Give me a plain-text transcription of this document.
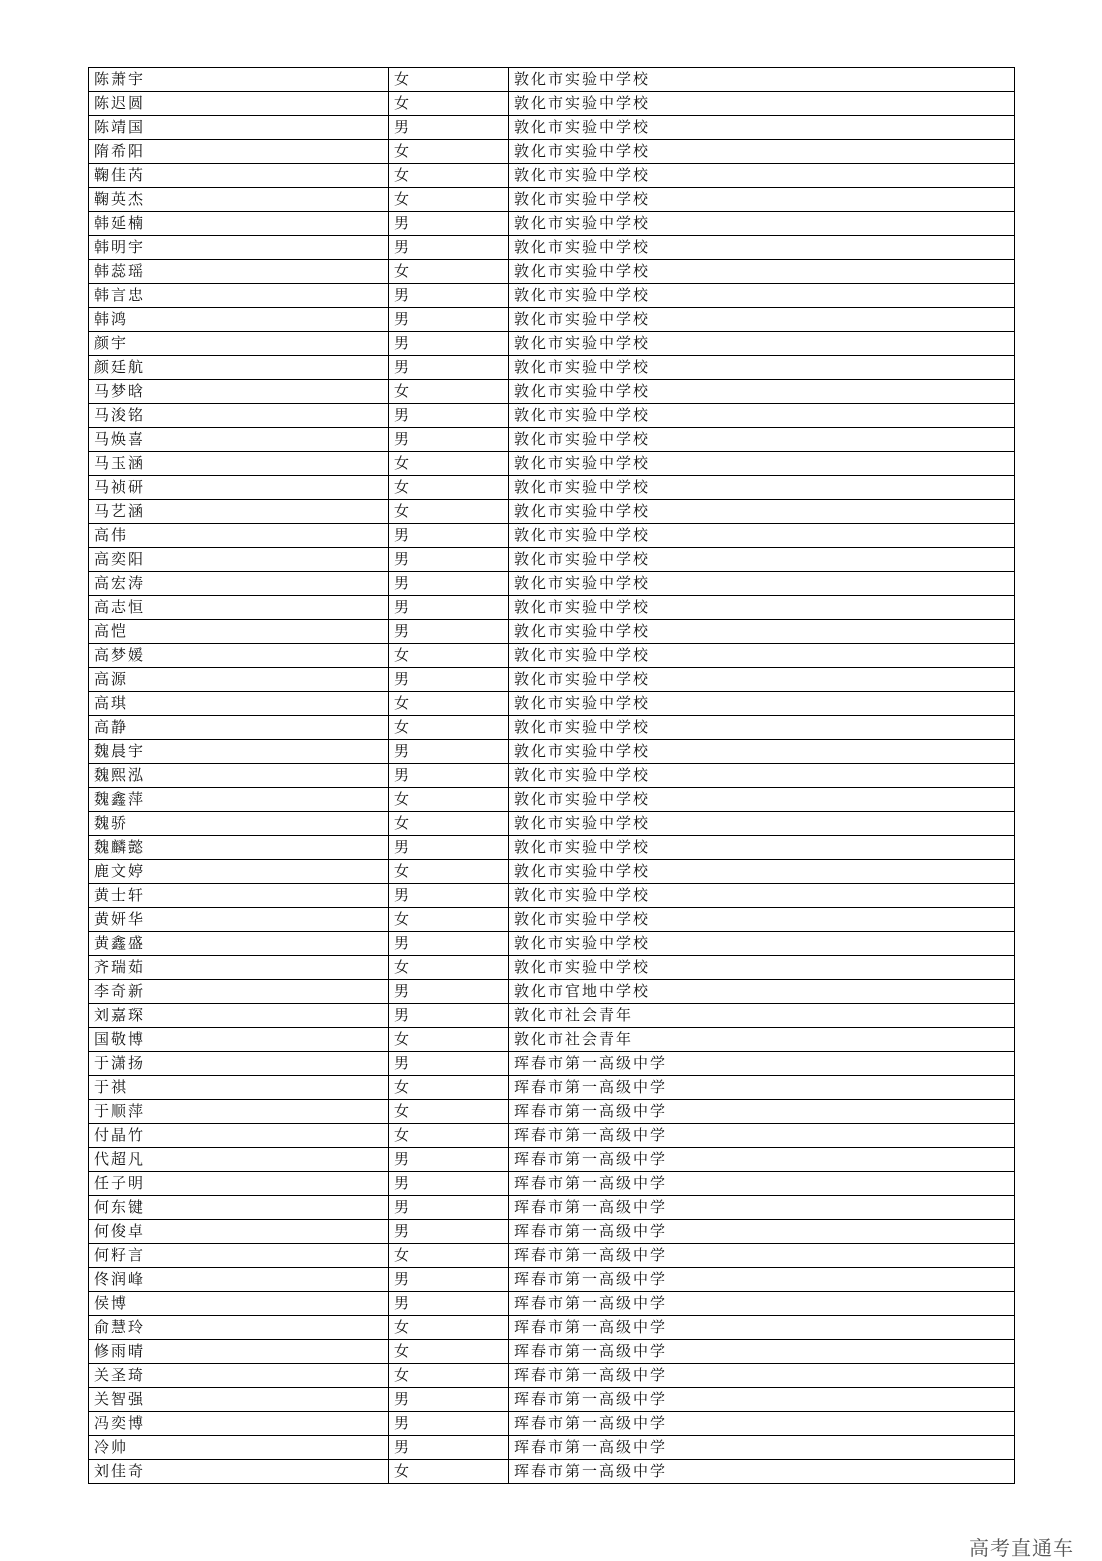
陈萧宇	女	敦化市实验中学校
陈迟圆	女	敦化市实验中学校
陈靖国	男	敦化市实验中学校
隋希阳	女	敦化市实验中学校
鞠佳芮	女	敦化市实验中学校
鞠英杰	女	敦化市实验中学校
韩延楠	男	敦化市实验中学校
韩明宇	男	敦化市实验中学校
韩蕊瑶	女	敦化市实验中学校
韩言忠	男	敦化市实验中学校
韩鸿	男	敦化市实验中学校
颜宇	男	敦化市实验中学校
颜廷航	男	敦化市实验中学校
马梦晗	女	敦化市实验中学校
马浚铭	男	敦化市实验中学校
马焕喜	男	敦化市实验中学校
马玉涵	女	敦化市实验中学校
马祯研	女	敦化市实验中学校
马艺涵	女	敦化市实验中学校
高伟	男	敦化市实验中学校
高奕阳	男	敦化市实验中学校
高宏涛	男	敦化市实验中学校
高志恒	男	敦化市实验中学校
高恺	男	敦化市实验中学校
高梦媛	女	敦化市实验中学校
高源	男	敦化市实验中学校
高琪	女	敦化市实验中学校
高静	女	敦化市实验中学校
魏晨宇	男	敦化市实验中学校
魏熙泓	男	敦化市实验中学校
魏鑫萍	女	敦化市实验中学校
魏骄	女	敦化市实验中学校
魏麟懿	男	敦化市实验中学校
鹿文婷	女	敦化市实验中学校
黄士轩	男	敦化市实验中学校
黄妍华	女	敦化市实验中学校
黄鑫盛	男	敦化市实验中学校
齐瑞茹	女	敦化市实验中学校
李奇新	男	敦化市官地中学校
刘嘉琛	男	敦化市社会青年
国敬博	女	敦化市社会青年
于潇扬	男	珲春市第一高级中学
于祺	女	珲春市第一高级中学
于顺萍	女	珲春市第一高级中学
付晶竹	女	珲春市第一高级中学
代超凡	男	珲春市第一高级中学
任子明	男	珲春市第一高级中学
何东键	男	珲春市第一高级中学
何俊卓	男	珲春市第一高级中学
何籽言	女	珲春市第一高级中学
佟润峰	男	珲春市第一高级中学
侯博	男	珲春市第一高级中学
俞慧玲	女	珲春市第一高级中学
修雨晴	女	珲春市第一高级中学
关圣琦	女	珲春市第一高级中学
关智强	男	珲春市第一高级中学
冯奕博	男	珲春市第一高级中学
冷帅	男	珲春市第一高级中学
刘佳奇	女	珲春市第一高级中学
高考直通车
